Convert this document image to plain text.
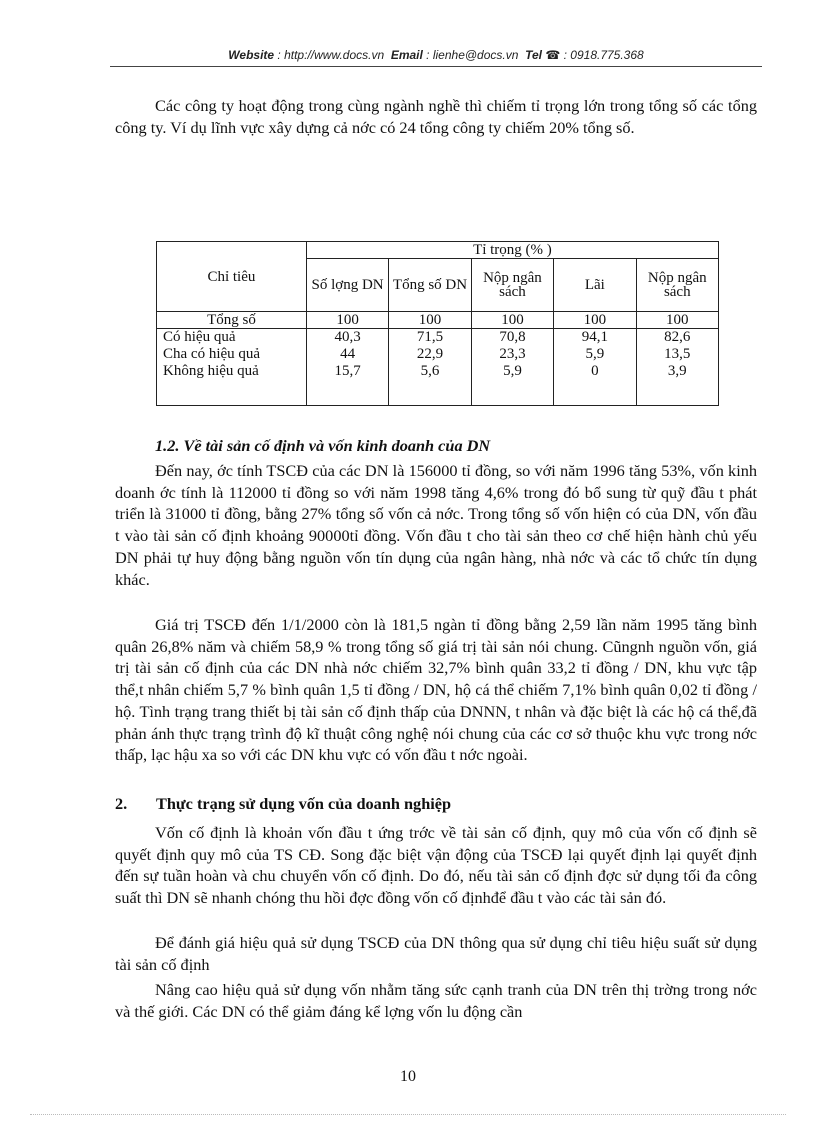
Website : http://www.docs.vn Email : lienhe@docs.vn Tel ☎ : 0918.775.368

Các công ty hoạt động trong cùng ngành nghề thì chiếm tỉ trọng lớn trong tổng số các tổng công ty. Ví dụ lĩnh vực xây dựng cả nớc có 24 tổng công ty chiếm 20% tổng số.

Chỉ tiêu	Tỉ trọng (% )				
	Số lợng DN	Tổng số DN	Nộp ngân sách	Lãi	Nộp ngân sách
Tổng số	100	100	100	100	100
Có hiệu quả	40,3	71,5	70,8	94,1	82,6
Cha có hiệu quả	44	22,9	23,3	5,9	13,5
Không hiệu quả	15,7	5,6	5,9	0	3,9

1.2. Về tài sản cố định và vốn kinh doanh của DN

Đến nay, ớc tính TSCĐ của các DN là 156000 tỉ đồng, so với năm 1996 tăng 53%, vốn kinh doanh ớc tính là 112000 tỉ đồng so với năm 1998 tăng 4,6% trong đó bổ sung từ quỹ đầu t phát triển là 31000 tỉ đồng, bằng 27% tổng số vốn cả nớc. Trong tổng số vốn hiện có của DN, vốn đầu t vào tài sản cố định khoảng 90000tỉ đồng. Vốn đầu t cho tài sản theo cơ chế hiện hành chủ yếu DN phải tự huy động bằng nguồn vốn tín dụng của ngân hàng, nhà nớc và các tổ chức tín dụng khác.

Giá trị TSCĐ đến 1/1/2000 còn là 181,5 ngàn tỉ đồng bằng 2,59 lần năm 1995 tăng bình quân 26,8% năm và chiếm 58,9 % trong tổng số giá trị tài sản nói chung. Cũngnh nguồn vốn, giá trị tài sản cố định của các DN nhà nớc chiếm 32,7% bình quân 33,2 tỉ đồng / DN, khu vực tập thể,t nhân chiếm 5,7 % bình quân 1,5 tỉ đồng / DN, hộ cá thể chiếm 7,1% bình quân 0,02 tỉ đồng / hộ. Tình trạng trang thiết bị tài sản cố định thấp của DNNN, t nhân và đặc biệt là các hộ cá thể,đã phản ánh thực trạng trình độ kĩ thuật công nghệ nói chung của các cơ sở thuộc khu vực trong nớc thấp, lạc hậu xa so với các DN khu vực có vốn đầu t nớc ngoài.

2. Thực trạng sử dụng vốn của doanh nghiệp

Vốn cố định là khoản vốn đầu t ứng trớc về tài sản cố định, quy mô của vốn cố định sẽ quyết định quy mô của TS CĐ. Song đặc biệt vận động của TSCĐ lại quyết định lại quyết định đến sự tuần hoàn và chu chuyển vốn cố định. Do đó, nếu tài sản cố định đợc sử dụng tối đa công suất thì DN sẽ nhanh chóng thu hồi đợc đồng vốn cố địnhđể đầu t vào các tài sản đó.

Để đánh giá hiệu quả sử dụng TSCĐ của DN thông qua sử dụng chỉ tiêu hiệu suất sử dụng tài sản cố định

Nâng cao hiệu quả sử dụng vốn nhằm tăng sức cạnh tranh của DN trên thị trờng trong nớc và thế giới. Các DN có thể giảm đáng kể lợng vốn lu động cần

10
